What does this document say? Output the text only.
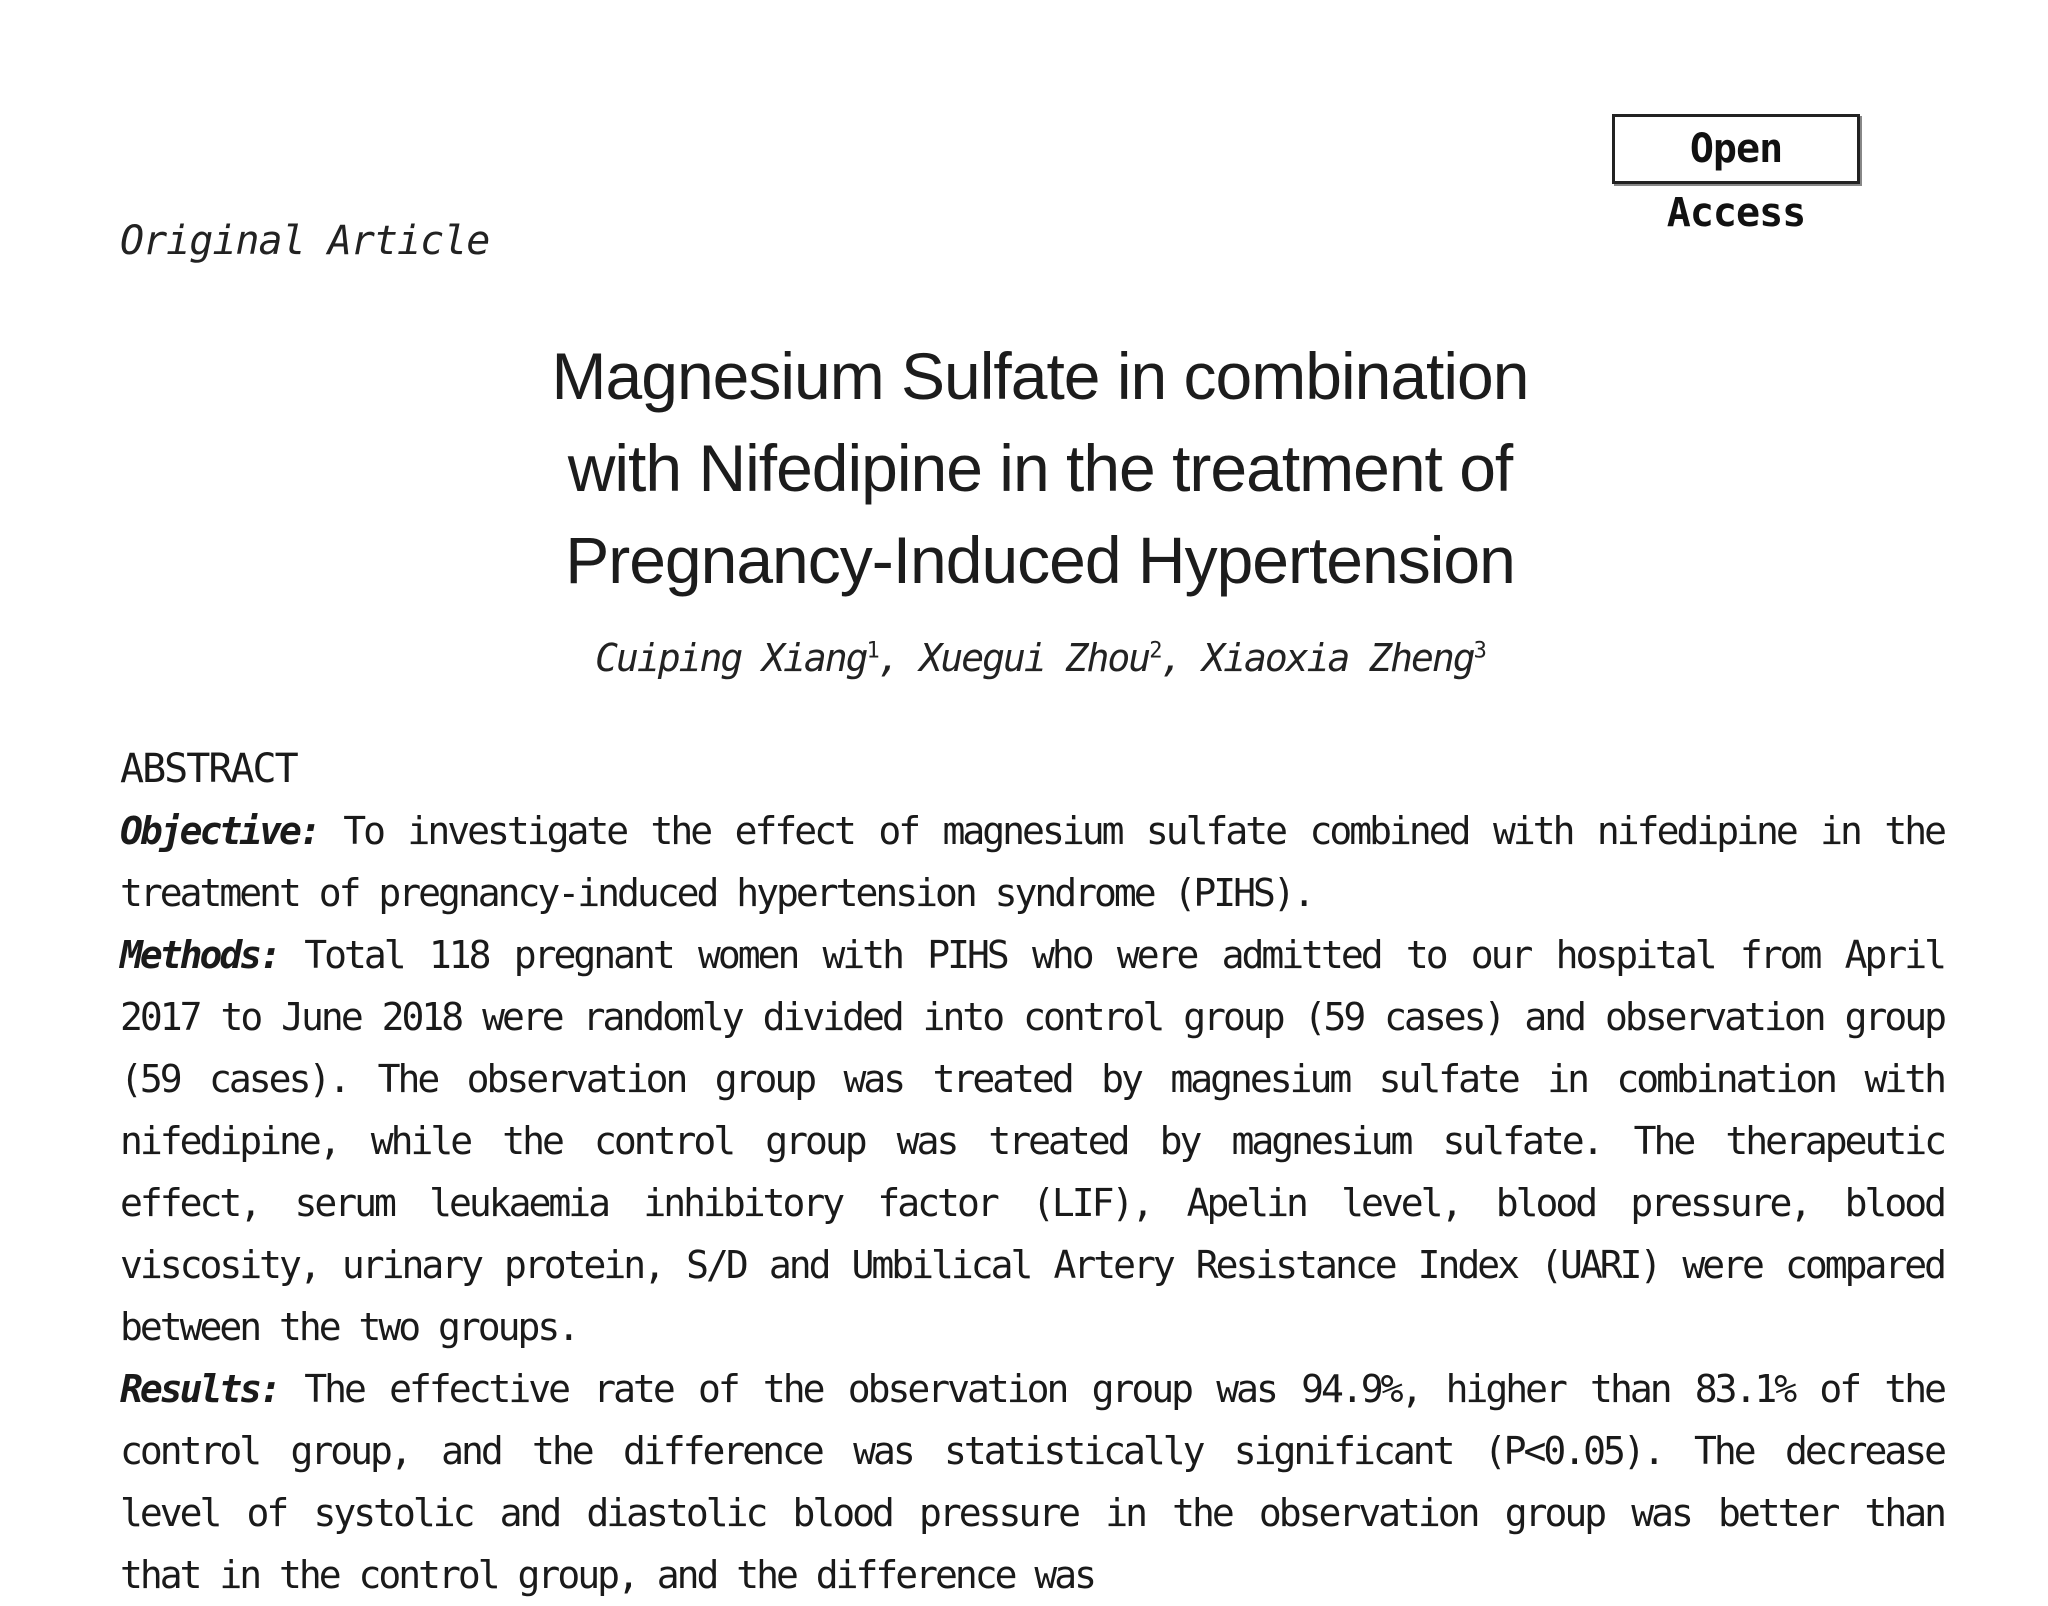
Open Access
Original Article
Magnesium Sulfate in combination
with Nifedipine in the treatment of
Pregnancy-Induced Hypertension
Cuiping Xiang$^1$, Xuegui Zhou$^2$, Xiaoxia Zheng$^3$
ABSTRACT

Objective: To investigate the effect of magnesium sulfate combined with nifedipine in the treatment of pregnancy-induced hypertension syndrome (PIHS).

Methods: Total 118 pregnant women with PIHS who were admitted to our hospital from April 2017 to June 2018 were randomly divided into control group (59 cases) and observation group (59 cases). The observation group was treated by magnesium sulfate in combination with nifedipine, while the control group was treated by magnesium sulfate. The therapeutic effect, serum leukaemia inhibitory factor (LIF), Apelin level, blood pressure, blood viscosity, urinary protein, S/D and Umbilical Artery Resistance Index (UARI) were compared between the two groups.

Results: The effective rate of the observation group was 94.9%, higher than 83.1% of the control group, and the difference was statistically significant (P<0.05). The decrease level of systolic and diastolic blood pressure in the observation group was better than that in the control group, and the difference was
